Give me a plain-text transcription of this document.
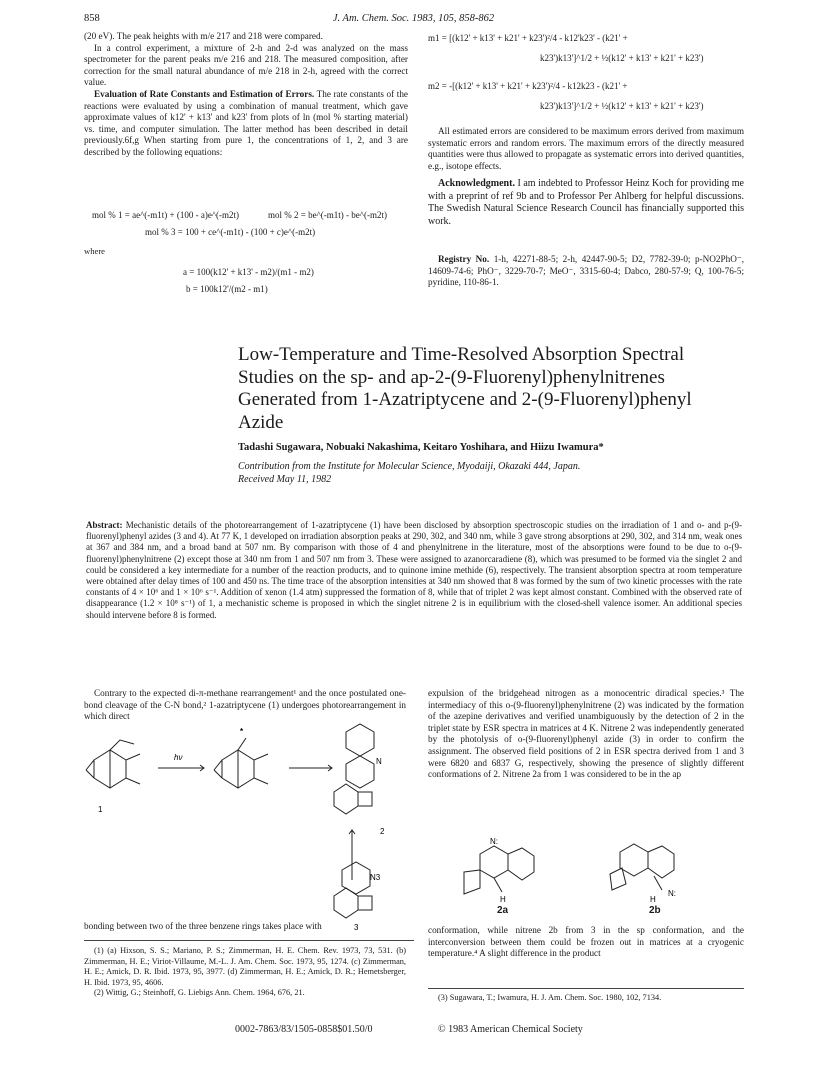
858	J. Am. Chem. Soc. 1983, 105, 858-862
(20 eV). The peak heights with m/e 217 and 218 were compared.
In a control experiment, a mixture of 2-h and 2-d was analyzed on the mass spectrometer for the parent peaks m/e 216 and 218. The measured composition, after correction for the small natural abundance of m/e 218 in 2-h, agreed with the correct value.
Evaluation of Rate Constants and Estimation of Errors. The rate constants of the reactions were evaluated by using a combination of manual treatment, which gave approximate values of k12' + k13' and k23' from plots of ln (mol % starting material) vs. time, and computer simulation. The latter method has been described in detail previously.6f,g When starting from pure 1, the concentrations of 1, 2, and 3 are described by the following equations:
mol % 1 = ae^(-m1t) + (100 - a)e^(-m2t)	mol % 2 = be^(-m1t) - be^(-m2t)
mol % 3 = 100 + ce^(-m1t) - (100 + c)e^(-m2t)
where
a = 100(k12' + k13' - m2)/(m1 - m2)
b = 100k12'/(m2 - m1)
m1 = [(k12' + k13' + k21' + k23')²/4 - k12'k23' - (k21' +
k23')k13']^1/2 + ½(k12' + k13' + k21' + k23')
m2 = -[(k12' + k13' + k21' + k23')²/4 - k12k23 - (k21' +
k23')k13']^1/2 + ½(k12' + k13' + k21' + k23')
All estimated errors are considered to be maximum errors derived from maximum systematic errors and random errors. The maximum errors of the directly measured quantities were thus allowed to propagate as systematic errors into derived quantities, e.g., isotope effects.
Acknowledgment. I am indebted to Professor Heinz Koch for providing me with a preprint of ref 9b and to Professor Per Ahlberg for helpful discussions. The Swedish Natural Science Research Council has financially supported this work.
Registry No. 1-h, 42271-88-5; 2-h, 42447-90-5; D2, 7782-39-0; p-NO2PhO⁻, 14609-74-6; PhO⁻, 3229-70-7; MeO⁻, 3315-60-4; Dabco, 280-57-9; Q, 100-76-5; pyridine, 110-86-1.
Low-Temperature and Time-Resolved Absorption Spectral Studies on the sp- and ap-2-(9-Fluorenyl)phenylnitrenes Generated from 1-Azatriptycene and 2-(9-Fluorenyl)phenyl Azide
Tadashi Sugawara, Nobuaki Nakashima, Keitaro Yoshihara, and Hiizu Iwamura*
Contribution from the Institute for Molecular Science, Myodaiji, Okazaki 444, Japan.
Received May 11, 1982
Abstract: Mechanistic details of the photorearrangement of 1-azatriptycene (1) have been disclosed by absorption spectroscopic studies on the irradiation of 1 and o- and p-(9-fluorenyl)phenyl azides (3 and 4). At 77 K, 1 developed on irradiation absorption peaks at 290, 302, and 340 nm, while 3 gave strong absorptions at 290, 302, and 314 nm, weak ones at 367 and 384 nm, and a broad band at 507 nm. By comparison with those of 4 and phenylnitrene in the literature, most of the absorptions were found to be due to o-(9-fluorenyl)phenylnitrene (2) except those at 340 nm from 1 and 507 nm from 3. These were assigned to azanorcaradiene (8), which was presumed to be formed via the singlet 2 and could be considered a key intermediate for a number of the reaction products, and to quinone imine methide (6), respectively. The transient absorption spectra at room temperature were obtained after delay times of 100 and 450 ns. The time trace of the absorption intensities at 340 nm showed that 8 was formed by the sum of two kinetic processes with the rate constants of 4 × 10⁶ and 1 × 10⁶ s⁻¹. Addition of xenon (1.4 atm) suppressed the formation of 8, while that of triplet 2 was kept almost constant. Combined with the observed rate of disappearance (1.2 × 10⁸ s⁻¹) of 1, a mechanistic scheme is proposed in which the singlet nitrene 2 is in equilibrium with the closed-shell valence isomer. An additional species should intervene before 8 is formed.
Contrary to the expected di-π-methane rearrangement¹ and the once postulated one-bond cleavage of the C-N bond,² 1-azatriptycene (1) undergoes photorearrangement in which direct
hν
*
1
N
2
N3
3
bonding between two of the three benzene rings takes place with
(1) (a) Hixson, S. S.; Mariano, P. S.; Zimmerman, H. E. Chem. Rev. 1973, 73, 531. (b) Zimmerman, H. E.; Viriot-Villaume, M.-L. J. Am. Chem. Soc. 1973, 95, 1274. (c) Zimmerman, H. E.; Amick, D. R. Ibid. 1973, 95, 3977. (d) Zimmerman, H. E.; Amick, D. R.; Hemetsberger, H. Ibid. 1973, 95, 4606.
(2) Wittig, G.; Steinhoff, G. Liebigs Ann. Chem. 1964, 676, 21.
expulsion of the bridgehead nitrogen as a monocentric diradical species.³ The intermediacy of this o-(9-fluorenyl)phenylnitrene (2) was indicated by the formation of the azepine derivatives and verified unambiguously by the detection of 2 in the triplet state by ESR spectra in matrices at 4 K. Nitrene 2 was independently generated by the photolysis of o-(9-fluorenyl)phenyl azide (3) in order to confirm the assignment. The observed field positions of 2 in ESR spectra derived from 1 and 3 were 6820 and 6837 G, respectively, showing the presence of slightly different conformations of 2. Nitrene 2a from 1 was considered to be in the ap
N:
H
N:
H
2a	2b
conformation, while nitrene 2b from 3 in the sp conformation, and the interconversion between them could be frozen out in matrices at a cryogenic temperature.⁴ A slight difference in the product
(3) Sugawara, T.; Iwamura, H. J. Am. Chem. Soc. 1980, 102, 7134.
0002-7863/83/1505-0858$01.50/0	© 1983 American Chemical Society
